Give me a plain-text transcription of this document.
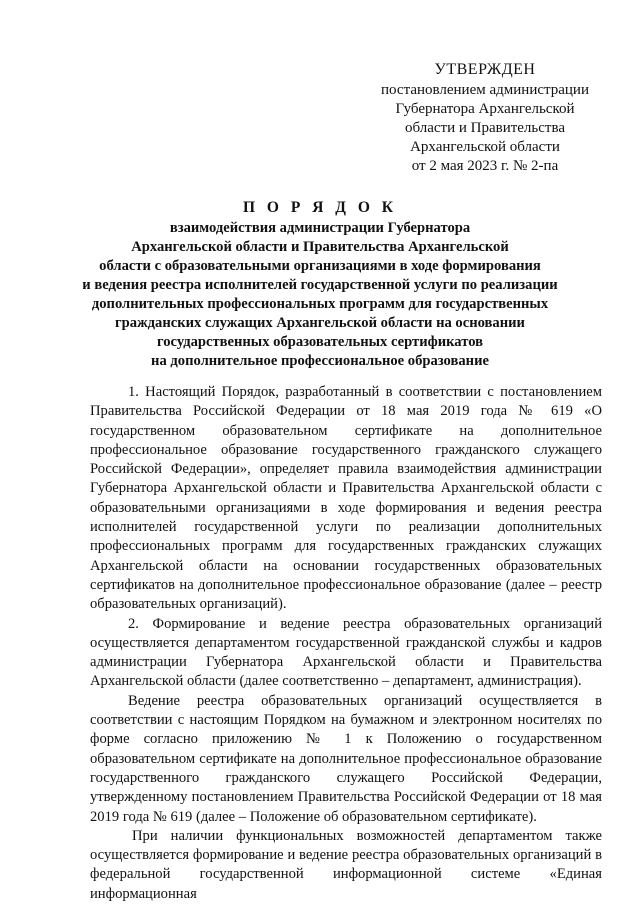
УТВЕРЖДЕН
постановлением администрации
Губернатора Архангельской
области и Правительства
Архангельской области
от 2 мая 2023 г. № 2-па
П О Р Я Д О К
взаимодействия администрации Губернатора
Архангельской области и Правительства Архангельской
области с образовательными организациями в ходе формирования
и ведения реестра исполнителей государственной услуги по реализации
дополнительных профессиональных программ для государственных
гражданских служащих Архангельской области на основании
государственных образовательных сертификатов
на дополнительное профессиональное образование

1. Настоящий Порядок, разработанный в соответствии с постановлением Правительства Российской Федерации от 18 мая 2019 года № 619 «О государственном образовательном сертификате на дополнительное профессиональное образование государственного гражданского служащего Российской Федерации», определяет правила взаимодействия администрации Губернатора Архангельской области и Правительства Архангельской области с образовательными организациями в ходе формирования и ведения реестра исполнителей государственной услуги по реализации дополнительных профессиональных программ для государственных гражданских служащих Архангельской области на основании государственных образовательных сертификатов на дополнительное профессиональное образование (далее – реестр образовательных организаций).

2. Формирование и ведение реестра образовательных организаций осуществляется департаментом государственной гражданской службы и кадров администрации Губернатора Архангельской области и Правительства Архангельской области (далее соответственно – департамент, администрация).

Ведение реестра образовательных организаций осуществляется в соответствии с настоящим Порядком на бумажном и электронном носителях по форме согласно приложению № 1 к Положению о государственном образовательном сертификате на дополнительное профессиональное образование государственного гражданского служащего Российской Федерации, утвержденному постановлением Правительства Российской Федерации от 18 мая 2019 года № 619 (далее – Положение об образовательном сертификате).

При наличии функциональных возможностей департаментом также осуществляется формирование и ведение реестра образовательных организаций в федеральной государственной информационной системе «Единая информационная
